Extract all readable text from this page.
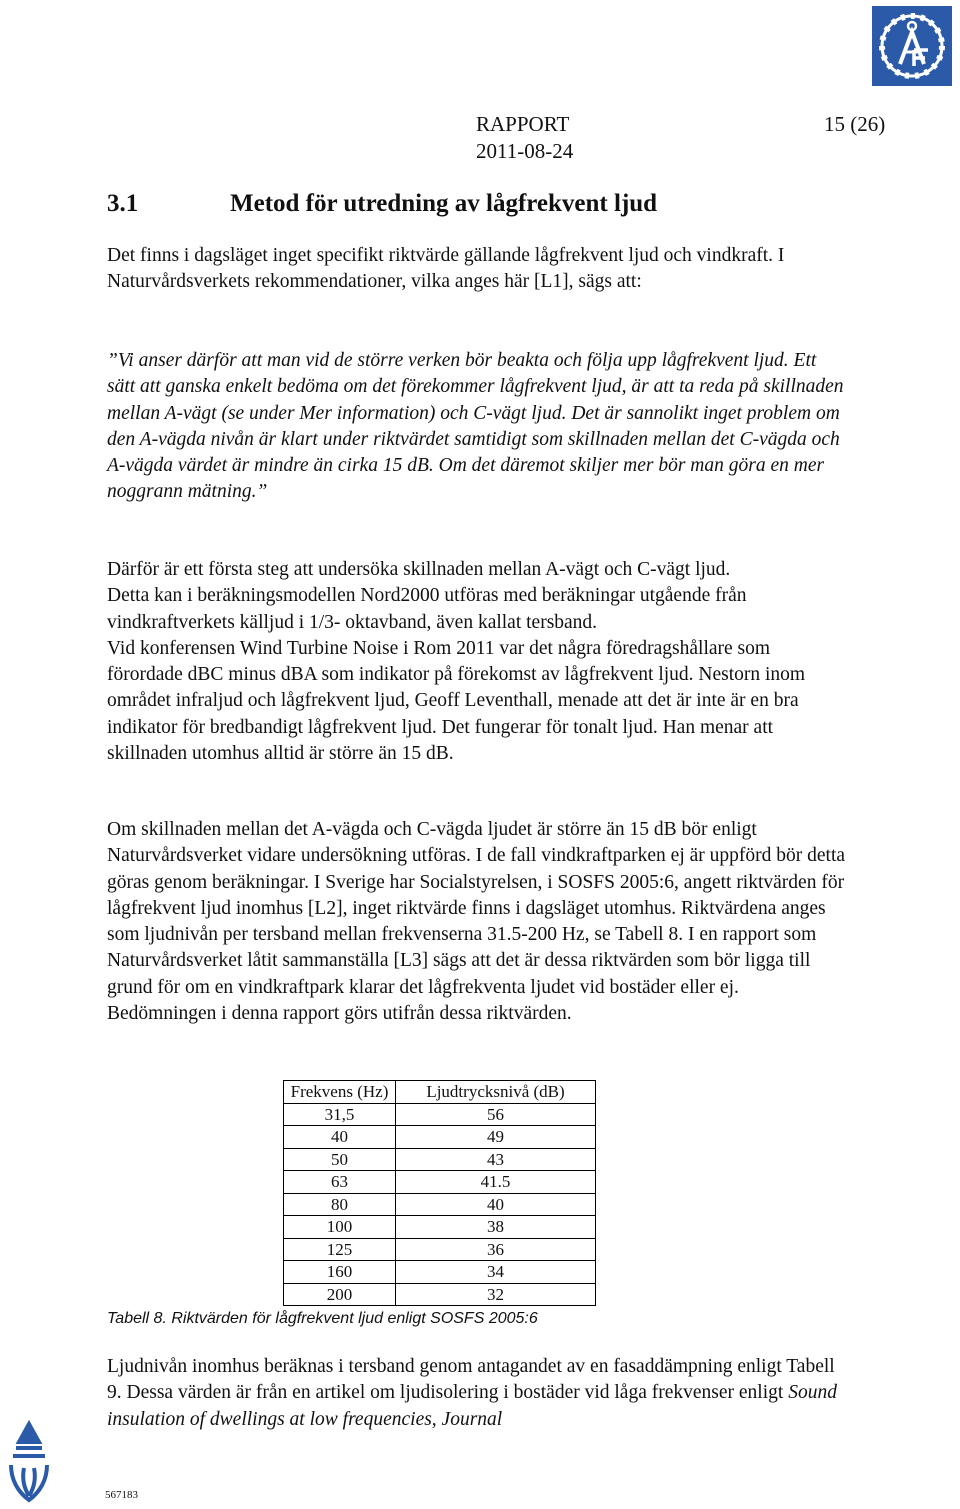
RAPPORT	15 (26)
2011-08-24
3.1	Metod för utredning av lågfrekvent ljud

Det finns i dagsläget inget specifikt riktvärde gällande lågfrekvent ljud och vindkraft. I Naturvårdsverkets rekommendationer, vilka anges här [L1], sägs att:

”Vi anser därför att man vid de större verken bör beakta och följa upp lågfrekvent ljud. Ett sätt att ganska enkelt bedöma om det förekommer lågfrekvent ljud, är att ta reda på skillnaden mellan A-vägt (se under Mer information) och C-vägt ljud. Det är sannolikt inget problem om den A-vägda nivån är klart under riktvärdet samtidigt som skillnaden mellan det C-vägda och A-vägda värdet är mindre än cirka 15 dB. Om det däremot skiljer mer bör man göra en mer noggrann mätning.”

Därför är ett första steg att undersöka skillnaden mellan A-vägt och C-vägt ljud.

Detta kan i beräkningsmodellen Nord2000 utföras med beräkningar utgående från vindkraftverkets källjud i 1/3- oktavband, även kallat tersband.

Vid konferensen Wind Turbine Noise i Rom 2011 var det några föredragshållare som förordade dBC minus dBA som indikator på förekomst av lågfrekvent ljud. Nestorn inom området infraljud och lågfrekvent ljud, Geoff Leventhall, menade att det är inte är en bra indikator för bredbandigt lågfrekvent ljud. Det fungerar för tonalt ljud. Han menar att skillnaden utomhus alltid är större än 15 dB.

Om skillnaden mellan det A-vägda och C-vägda ljudet är större än 15 dB bör enligt Naturvårdsverket vidare undersökning utföras. I de fall vindkraftparken ej är uppförd bör detta göras genom beräkningar. I Sverige har Socialstyrelsen, i SOSFS 2005:6, angett riktvärden för lågfrekvent ljud inomhus [L2], inget riktvärde finns i dagsläget utomhus. Riktvärdena anges som ljudnivån per tersband mellan frekvenserna 31.5-200 Hz, se Tabell 8. I en rapport som Naturvårdsverket låtit sammanställa [L3] sägs att det är dessa riktvärden som bör ligga till grund för om en vindkraftpark klarar det lågfrekventa ljudet vid bostäder eller ej. Bedömningen i denna rapport görs utifrån dessa riktvärden.

Frekvens (Hz)	Ljudtrycksnivå (dB)
31,5	56
40	49
50	43
63	41.5
80	40
100	38
125	36
160	34
200	32
Tabell 8. Riktvärden för lågfrekvent ljud enligt SOSFS 2005:6

Ljudnivån inomhus beräknas i tersband genom antagandet av en fasaddämpning enligt Tabell 9. Dessa värden är från en artikel om ljudisolering i bostäder vid låga frekvenser enligt Sound insulation of dwellings at low frequencies, Journal

567183
